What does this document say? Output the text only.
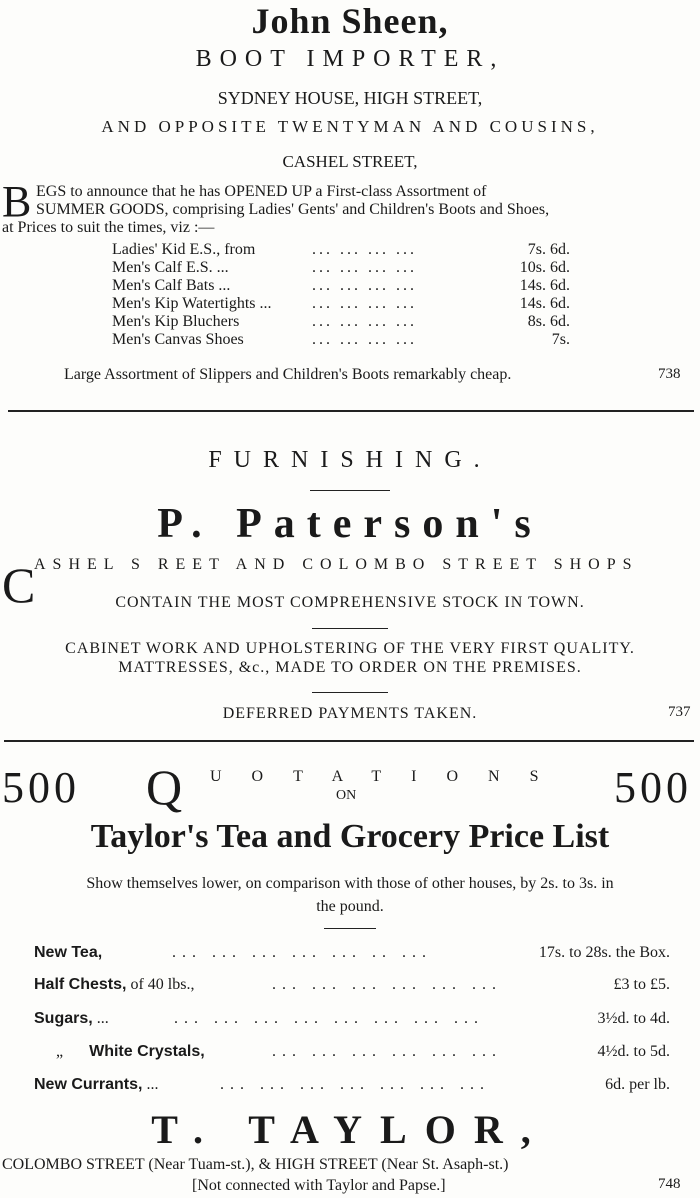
John Sheen,
BOOT IMPORTER,
SYDNEY HOUSE, HIGH STREET,
AND OPPOSITE TWENTYMAN AND COUSINS,
CASHEL STREET,
B EGS to announce that he has OPENED UP a First-class Assortment of
SUMMER GOODS, comprising Ladies' Gents' and Children's Boots and Shoes,
at Prices to suit the times, viz :—
Ladies' Kid E.S., from	... ... ... ...	7s. 6d.
Men's Calf E.S. ...	... ... ... ...	10s. 6d.
Men's Calf Bats ...	... ... ... ...	14s. 6d.
Men's Kip Watertights ...	... ... ... ...	14s. 6d.
Men's Kip Bluchers	... ... ... ...	8s. 6d.
Men's Canvas Shoes	... ... ... ...	7s.
Large Assortment of Slippers and Children's Boots remarkably cheap.	738
FURNISHING.
P. Paterson's
C
ASHEL S REET AND COLOMBO STREET SHOPS
CONTAIN THE MOST COMPREHENSIVE STOCK IN TOWN.
CABINET WORK AND UPHOLSTERING OF THE VERY FIRST QUALITY.
MATTRESSES, &c., MADE TO ORDER ON THE PREMISES.
DEFERRED PAYMENTS TAKEN.	737
500 Q UOTATIONS
ON	500
Taylor's Tea and Grocery Price List
Show themselves lower, on comparison with those of other houses, by 2s. to 3s. in
the pound.
New Tea,	... ... ... ... ... .. ...	17s. to 28s. the Box.
Half Chests, of 40 lbs.,	... ... ... ... ... ...	£3 to £5.
Sugars, ...	... ... ... ... ... ... ... ...	3½d. to 4d.
„ White Crystals,	... ... ... ... ... ...	4½d. to 5d.
New Currants, ...	... ... ... ... ... ... ...	6d. per lb.
T. TAYLOR,
COLOMBO STREET (Near Tuam-st.), & HIGH STREET (Near St. Asaph-st.)
[Not connected with Taylor and Papse.]	748
